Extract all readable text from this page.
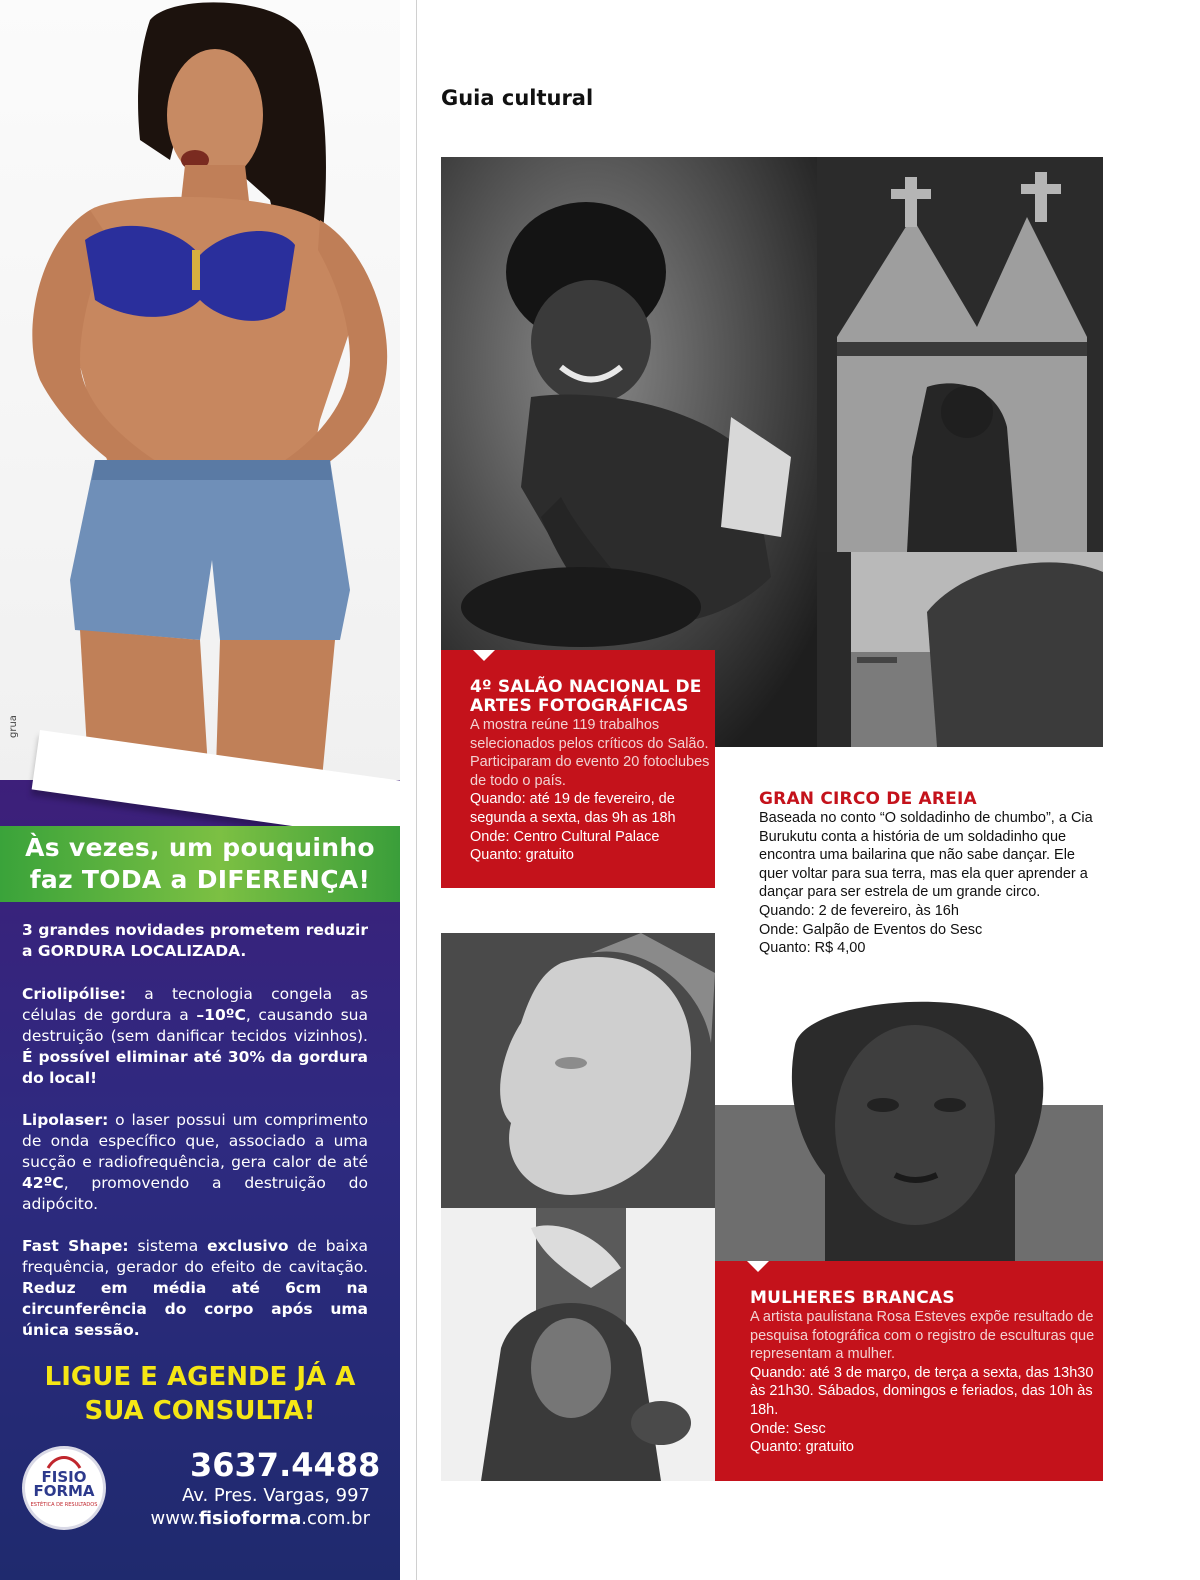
grua
Às vezes, um pouquinho
faz TODA a DIFERENÇA!

3 grandes novidades prometem reduzir a GORDURA LOCALIZADA.

Criolipólise: a tecnologia congela as células de gordura a –10ºC, causando sua destruição (sem danificar tecidos vizinhos). É possível eliminar até 30% da gordura do local!

Lipolaser: o laser possui um comprimento de onda específico que, associado a uma sucção e radiofrequência, gera calor de até 42ºC, promovendo a destruição do adipócito.

Fast Shape: sistema exclusivo de baixa frequência, gerador do efeito de cavitação. Reduz em média até 6cm na circunferência do corpo após uma única sessão.

LIGUE E AGENDE JÁ A
SUA CONSULTA!
FISIO
FORMA
ESTÉTICA DE RESULTADOS
3637.4488
Av. Pres. Vargas, 997
www.fisioforma.com.br
Guia cultural

4º SALÃO NACIONAL DE
ARTES FOTOGRÁFICAS

A mostra reúne 119 trabalhos selecionados pelos críticos do Salão. Participaram do evento 20 fotoclubes de todo o país.

Quando: até 19 de fevereiro, de segunda a sexta, das 9h as 18h

Onde: Centro Cultural Palace

Quanto: gratuito

GRAN CIRCO DE AREIA

Baseada no conto “O soldadinho de chumbo”, a Cia Burukutu conta a história de um soldadinho que encontra uma bailarina que não sabe dançar. Ele quer voltar para sua terra, mas ela quer aprender a dançar para ser estrela de um grande circo.

Quando: 2 de fevereiro, às 16h

Onde: Galpão de Eventos do Sesc

Quanto: R$ 4,00

MULHERES BRANCAS

A artista paulistana Rosa Esteves expõe resultado de pesquisa fotográfica com o registro de esculturas que representam a mulher.

Quando: até 3 de março, de terça a sexta, das 13h30 às 21h30. Sábados, domingos e feriados, das 10h às 18h.

Onde: Sesc

Quanto: gratuito
